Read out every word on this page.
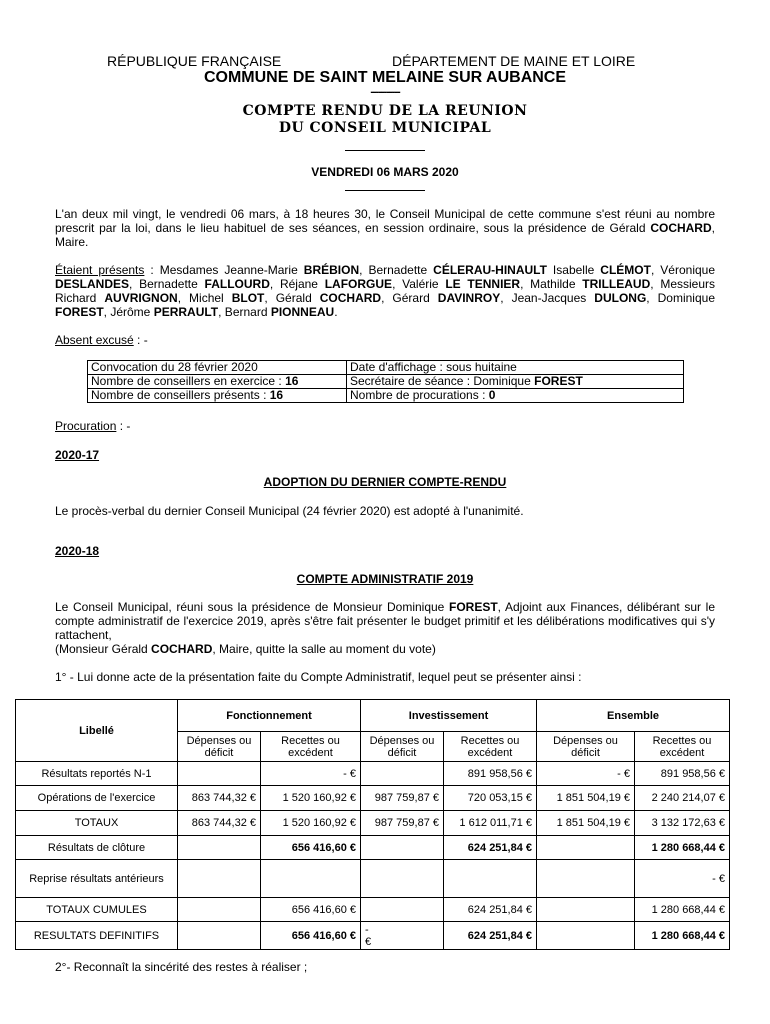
RÉPUBLIQUE FRANÇAISE	DÉPARTEMENT DE MAINE ET LOIRE
COMMUNE DE SAINT MELAINE SUR AUBANCE
-----------
COMPTE RENDU DE LA REUNION
DU CONSEIL MUNICIPAL
VENDREDI 06 MARS 2020
L'an deux mil vingt, le vendredi 06 mars, à 18 heures 30, le Conseil Municipal de cette commune s'est réuni au nombre prescrit par la loi, dans le lieu habituel de ses séances, en session ordinaire, sous la présidence de Gérald COCHARD, Maire.
Étaient présents : Mesdames Jeanne-Marie BRÉBION, Bernadette CÉLERAU-HINAULT Isabelle CLÉMOT, Véronique DESLANDES, Bernadette FALLOURD, Réjane LAFORGUE, Valérie LE TENNIER, Mathilde TRILLEAUD, Messieurs Richard AUVRIGNON, Michel BLOT, Gérald COCHARD, Gérard DAVINROY, Jean-Jacques DULONG, Dominique FOREST, Jérôme PERRAULT, Bernard PIONNEAU.
Absent excusé : -
Convocation du 28 février 2020	Date d'affichage : sous huitaine
Nombre de conseillers en exercice : 16	Secrétaire de séance : Dominique FOREST
Nombre de conseillers présents : 16	Nombre de procurations : 0
Procuration : -
2020-17
ADOPTION DU DERNIER COMPTE-RENDU
Le procès-verbal du dernier Conseil Municipal (24 février 2020) est adopté à l'unanimité.
2020-18
COMPTE ADMINISTRATIF 2019
Le Conseil Municipal, réuni sous la présidence de Monsieur Dominique FOREST, Adjoint aux Finances, délibérant sur le compte administratif de l'exercice 2019, après s'être fait présenter le budget primitif et les délibérations modificatives qui s'y rattachent,
(Monsieur Gérald COCHARD, Maire, quitte la salle au moment du vote)
1° - Lui donne acte de la présentation faite du Compte Administratif, lequel peut se présenter ainsi :
Libellé	Fonctionnement		Investissement		Ensemble	
	Dépenses ou déficit	Recettes ou excédent	Dépenses ou déficit	Recettes ou excédent	Dépenses ou déficit	Recettes ou excédent
Résultats reportés N-1		- €		891 958,56 €	- €	891 958,56 €
Opérations de l'exercice	863 744,32 €	1 520 160,92 €	987 759,87 €	720 053,15 €	1 851 504,19 €	2 240 214,07 €
TOTAUX	863 744,32 €	1 520 160,92 €	987 759,87 €	1 612 011,71 €	1 851 504,19 €	3 132 172,63 €
Résultats de clôture		656 416,60 €		624 251,84 €		1 280 668,44 €
Reprise résultats antérieurs						- €
TOTAUX CUMULES		656 416,60 €		624 251,84 €		1 280 668,44 €
RESULTATS DEFINITIFS		656 416,60 €	-
€	624 251,84 €		1 280 668,44 €
2°- Reconnaît la sincérité des restes à réaliser ;
